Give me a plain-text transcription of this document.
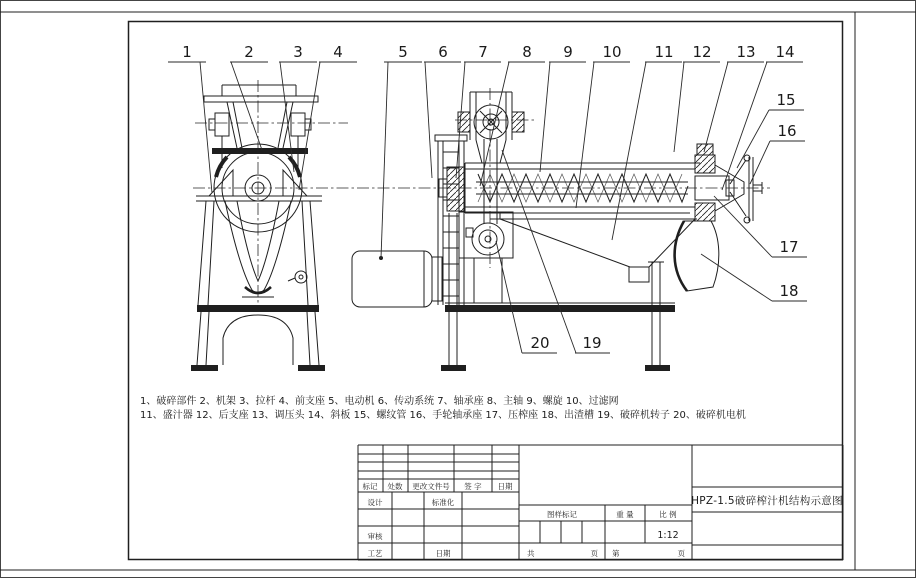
1	2	3 4	5 6 7 8 9 10 11 12 13 14
15
16
17
18
19
20
1、破碎部件 2、机架 3、拉杆 4、前支座 5、电动机 6、传动系统 7、轴承座 8、主轴 9、螺旋 10、过滤网
11、盛汁器 12、后支座 13、调压头 14、斜板 15、螺纹管 16、手轮轴承座 17、压榨座 18、出渣槽 19、破碎机转子 20、破碎机电机
标记 处数 更改文件号 签 字 日期
设计	标准化
审核
工艺	日期
图样标记	重 量	比 例
1:12
共	页 第	页
HPZ-1.5破碎榨汁机结构示意图
